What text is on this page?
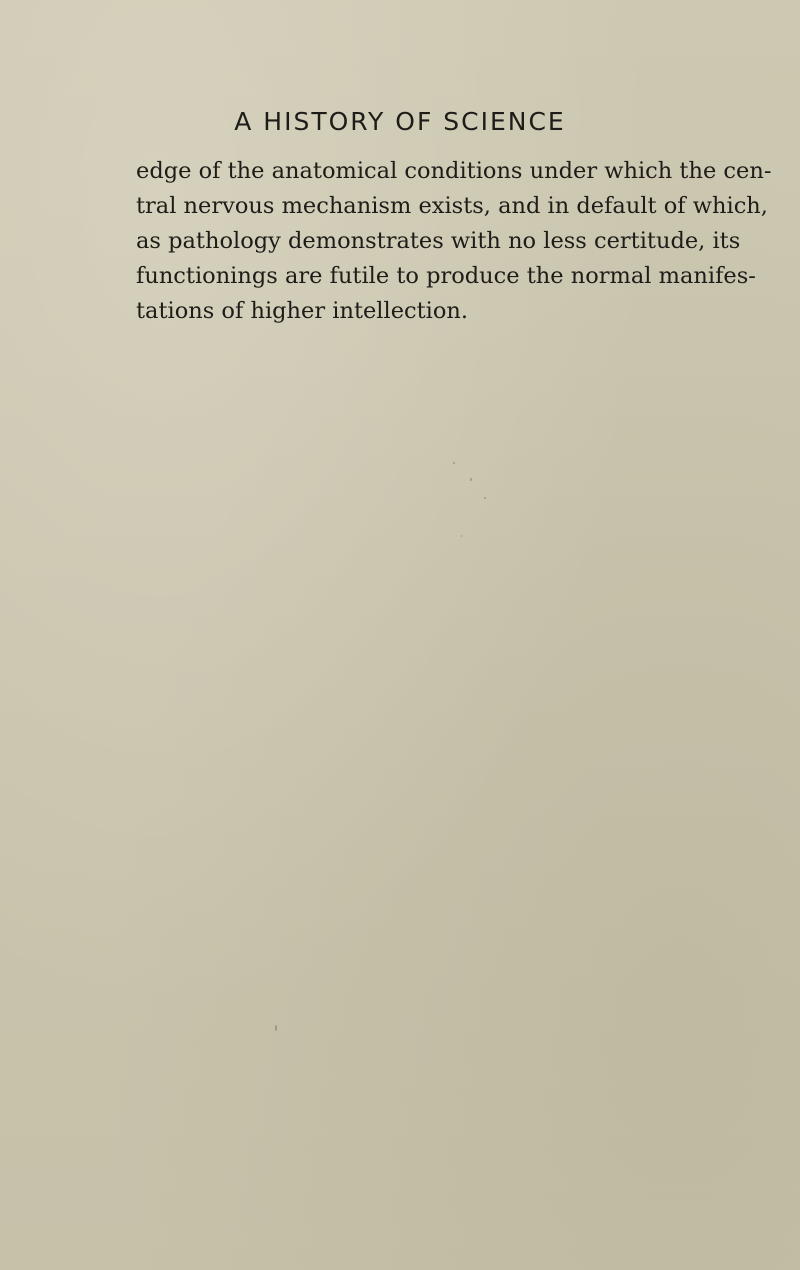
A HISTORY OF SCIENCE

edge of the anatomical conditions under which the cen-
tral nervous mechanism exists, and in default of which,
as pathology demonstrates with no less certitude, its
functionings are futile to produce the normal manifes-
tations of higher intellection.
